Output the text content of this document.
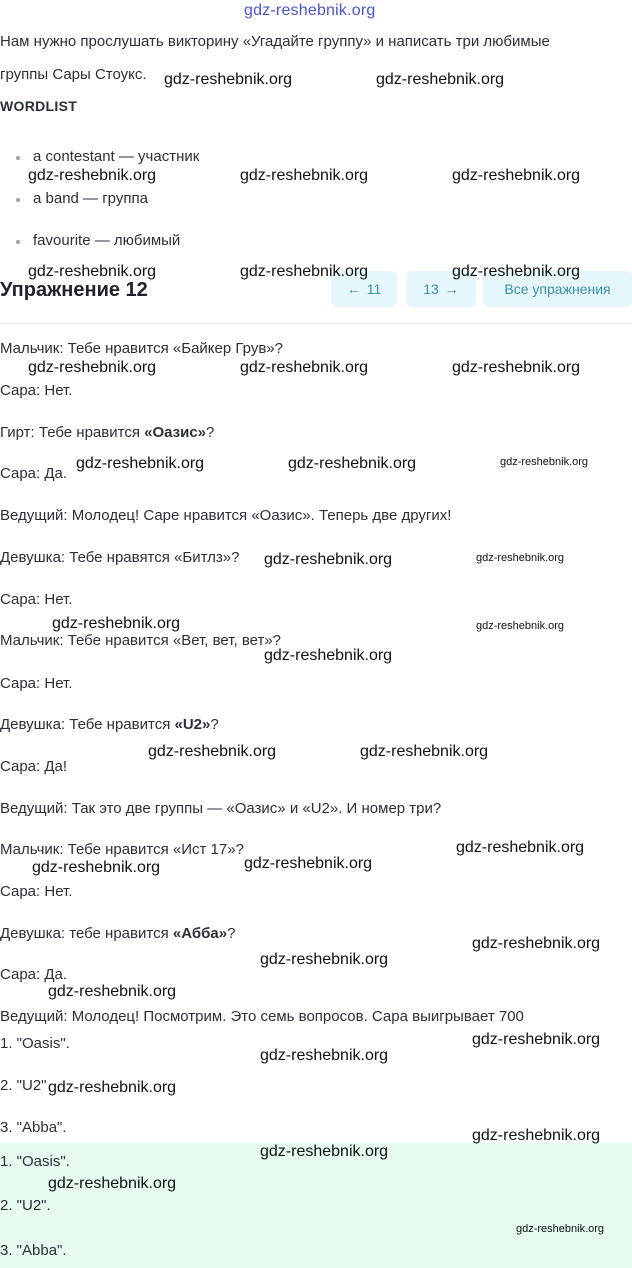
gdz-reshebnik.org
Нам нужно прослушать викторину «Угадайте группу» и написать три любимые
группы Сары Стоукс.
WORDLIST
a contestant — участник
a band — группа
favourite — любимый
Упражнение 12	← 11	13 →	Все упражнения
Мальчик: Тебе нравится «Байкер Грув»?
Сара: Нет.
Гирт: Тебе нравится «Оазис»?
Сара: Да.
Ведущий: Молодец! Саре нравится «Оазис». Теперь две других!
Девушка: Тебе нравятся «Битлз»?
Сара: Нет.
Мальчик: Тебе нравится «Вет, вет, вет»?
Сара: Нет.
Девушка: Тебе нравится «U2»?
Сара: Да!
Ведущий: Так это две группы — «Оазис» и «U2». И номер три?
Мальчик: Тебе нравится «Ист 17»?
Сара: Нет.
Девушка: тебе нравится «Абба»?
Сара: Да.
Ведущий: Молодец! Посмотрим. Это семь вопросов. Сара выигрывает 700
1. "Oasis".
2. "U2"
3. "Abba".
1. "Oasis".
2. "U2".
3. "Abba".
gdz-reshebnik.org	gdz-reshebnik.org
gdz-reshebnik.org	gdz-reshebnik.org	gdz-reshebnik.org
gdz-reshebnik.org	gdz-reshebnik.org	gdz-reshebnik.org
gdz-reshebnik.org	gdz-reshebnik.org	gdz-reshebnik.org
gdz-reshebnik.org	gdz-reshebnik.org	gdz-reshebnik.org
gdz-reshebnik.org	gdz-reshebnik.org
gdz-reshebnik.org	gdz-reshebnik.org
gdz-reshebnik.org
gdz-reshebnik.org	gdz-reshebnik.org
gdz-reshebnik.org
gdz-reshebnik.org
gdz-reshebnik.org
gdz-reshebnik.org
gdz-reshebnik.org
gdz-reshebnik.org
gdz-reshebnik.org
gdz-reshebnik.org
gdz-reshebnik.org
gdz-reshebnik.org
gdz-reshebnik.org
gdz-reshebnik.org
gdz-reshebnik.org
